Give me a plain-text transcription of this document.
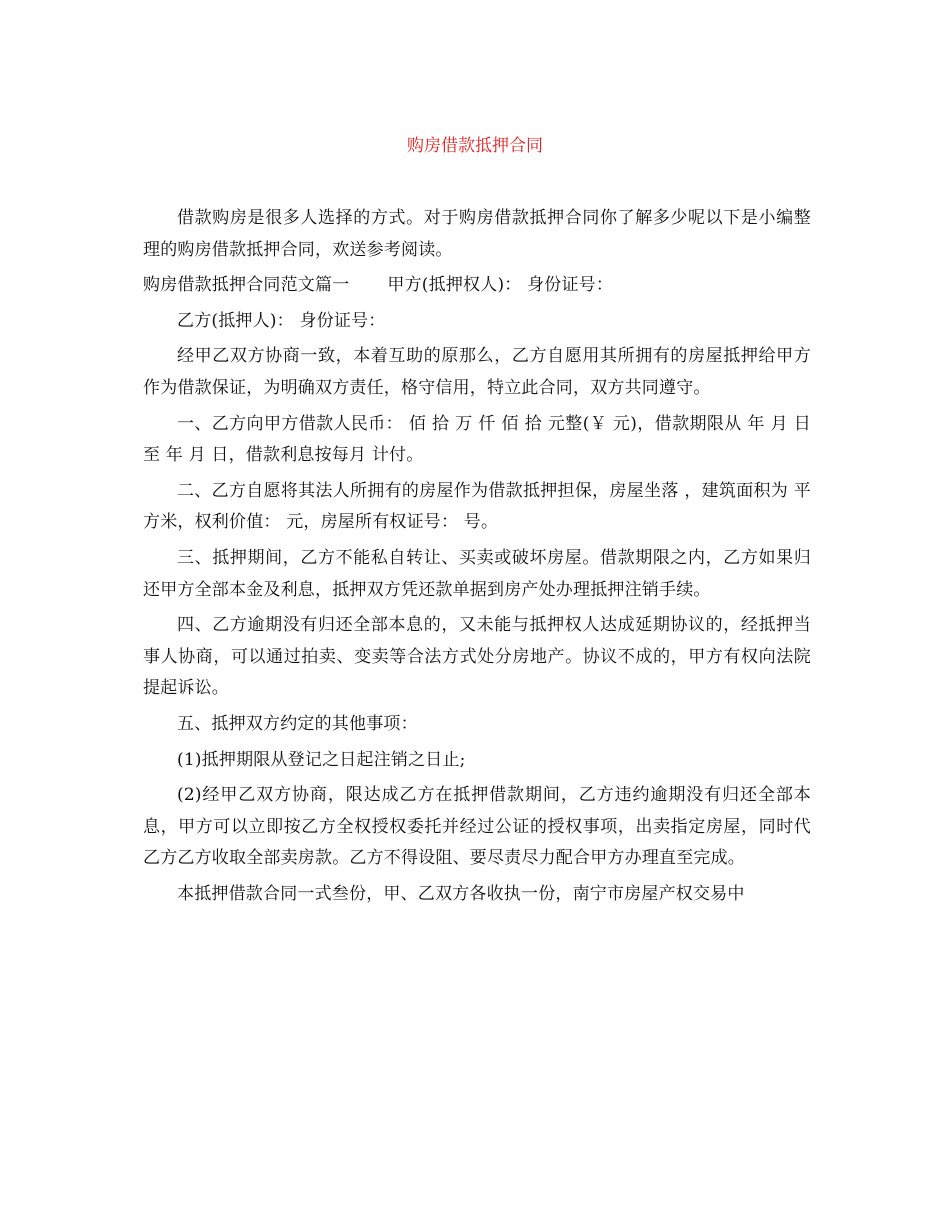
购房借款抵押合同

借款购房是很多人选择的方式。对于购房借款抵押合同你了解多少呢以下是小编整理的购房借款抵押合同，欢送参考阅读。

购房借款抵押合同范文篇一 甲方(抵押权人)： 身份证号：

乙方(抵押人)： 身份证号：

经甲乙双方协商一致，本着互助的原那么，乙方自愿用其所拥有的房屋抵押给甲方作为借款保证，为明确双方责任，格守信用，特立此合同，双方共同遵守。

一、乙方向甲方借款人民币： 佰 拾 万 仟 佰 拾 元整(￥ 元)，借款期限从 年 月 日至 年 月 日，借款利息按每月 计付。

二、乙方自愿将其法人所拥有的房屋作为借款抵押担保，房屋坐落 ，建筑面积为 平方米，权利价值： 元，房屋所有权证号： 号。

三、抵押期间，乙方不能私自转让、买卖或破坏房屋。借款期限之内，乙方如果归还甲方全部本金及利息，抵押双方凭还款单据到房产处办理抵押注销手续。

四、乙方逾期没有归还全部本息的，又未能与抵押权人达成延期协议的，经抵押当事人协商，可以通过拍卖、变卖等合法方式处分房地产。协议不成的，甲方有权向法院提起诉讼。

五、抵押双方约定的其他事项：

(1)抵押期限从登记之日起注销之日止;

(2)经甲乙双方协商，限达成乙方在抵押借款期间，乙方违约逾期没有归还全部本息，甲方可以立即按乙方全权授权委托并经过公证的授权事项，出卖指定房屋，同时代乙方乙方收取全部卖房款。乙方不得设阻、要尽责尽力配合甲方办理直至完成。

本抵押借款合同一式叁份，甲、乙双方各收执一份，南宁市房屋产权交易中
